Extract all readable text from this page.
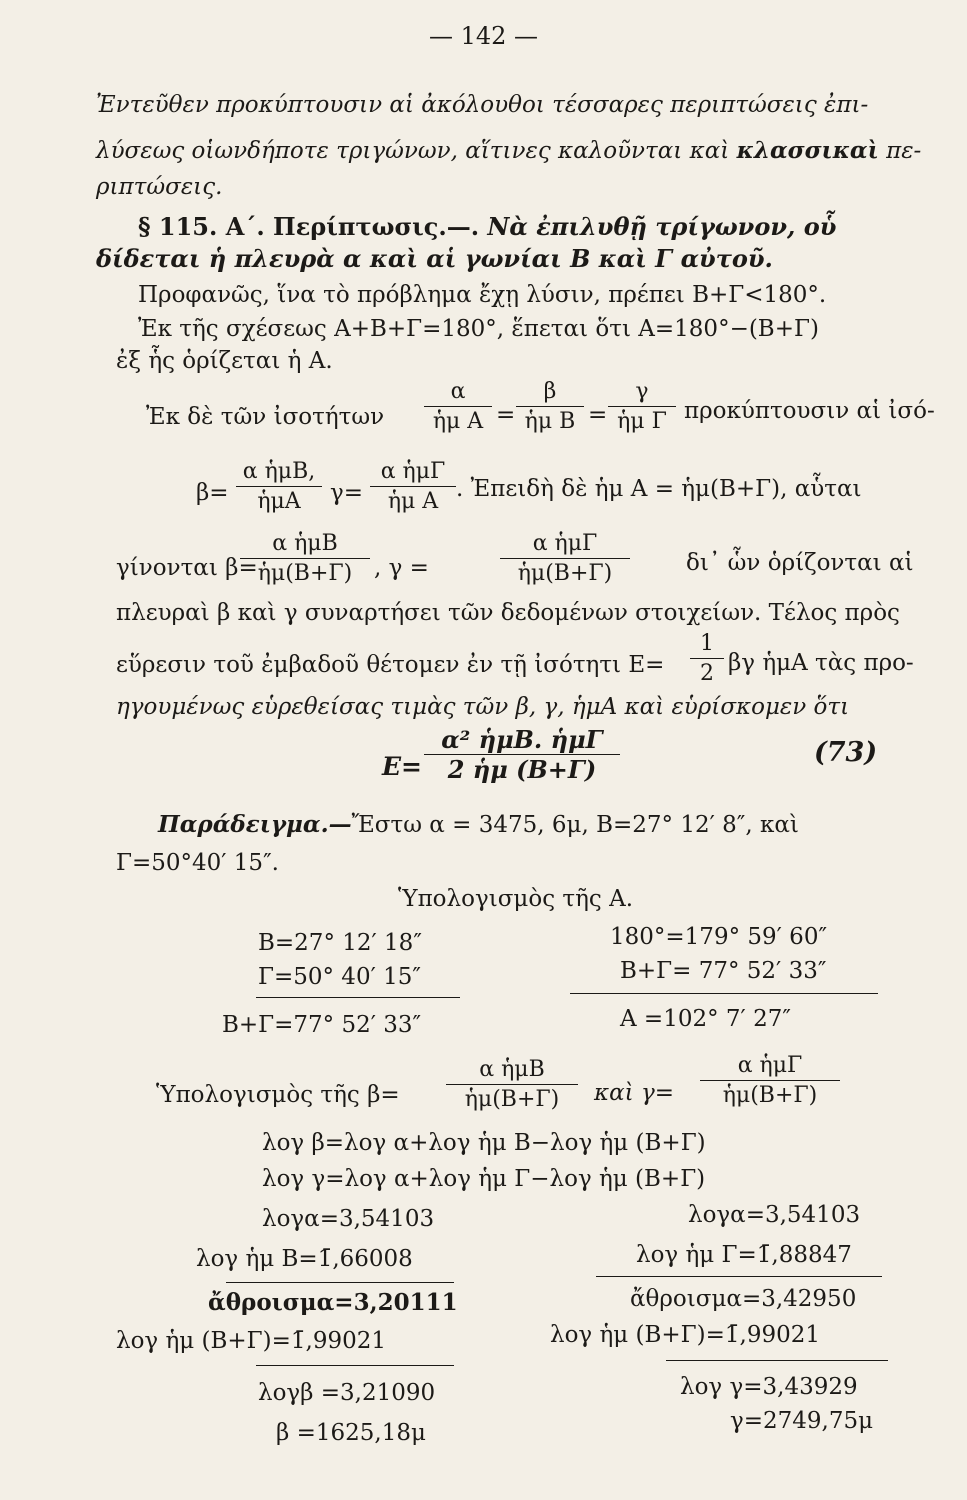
— 142 —
Ἐντεῦθεν προκύπτουσιν αἱ ἀκόλουθοι τέσσαρες περιπτώσεις ἐπι-
λύσεως οἱωνδήποτε τριγώνων, αἵτινες καλοῦνται καὶ κλασσικαὶ πε-
ριπτώσεις.
§ 115. Α΄. Περίπτωσις.—. Νὰ ἐπιλυθῇ τρίγωνον, οὗ
δίδεται ἡ πλευρὰ α καὶ αἱ γωνίαι Β καὶ Γ αὐτοῦ.
Προφανῶς, ἵνα τὸ πρόβλημα ἔχῃ λύσιν, πρέπει Β+Γ<180°.
Ἐκ τῆς σχέσεως Α+Β+Γ=180°, ἕπεται ὅτι Α=180°−(Β+Γ)
ἐξ ἧς ὁρίζεται ἡ Α.
Ἐκ δὲ τῶν ἰσοτήτων $\frac{\alpha}{\text{ἡμ Α}} = \frac{\beta}{\text{ἡμ Β}} = \frac{\gamma}{\text{ἡμ Γ}}$ προκύπτουσιν αἱ ἰσό-
β=
α ἡμΒ,
ἡμΑ	γ=
α ἡμΓ
ἡμ Α . Ἐπειδὴ δὲ ἡμ Α = ἡμ(Β+Γ), αὗται
γίνονται β=
α ἡμΒ
ἡμ(Β+Γ) , γ =
α ἡμΓ
ἡμ(Β+Γ)	δι᾽ ὧν ὁρίζονται αἱ
πλευραὶ β καὶ γ συναρτήσει τῶν δεδομένων στοιχείων. Τέλος πρὸς
εὕρεσιν τοῦ ἐμβαδοῦ θέτομεν ἐν τῇ ἰσότητι $E= \frac{1}{2}$ βγ ἡμΑ τὰς προ-
ηγουμένως εὑρεθείσας τιμὰς τῶν β, γ, ἡμΑ καὶ εὑρίσκομεν ὅτι
Ε=
α² ἡμΒ. ἡμΓ
2 ἡμ (Β+Γ)
(73)
Παράδειγμα.—Ἔστω α = 3475, 6μ, Β=27° 12′ 8″, καὶ
Γ=50°40′ 15″.
Ὑπολογισμὸς τῆς Α.
Β=27° 12′ 18″
Γ=50° 40′ 15″
Β+Γ=77° 52′ 33″
180°=179° 59′ 60″
Β+Γ= 77° 52′ 33″
Α =102° 7′ 27″
Ὑπολογισμὸς τῆς β=
α ἡμΒ
ἡμ(Β+Γ)	καὶ γ=
α ἡμΓ
ἡμ(Β+Γ)
λογ β=λογ α+λογ ἡμ Β−λογ ἡμ (Β+Γ)
λογ γ=λογ α+λογ ἡμ Γ−λογ ἡμ (Β+Γ)
λογα=3,54103
λογ ἡμ Β=1̄,66008
ἄθροισμα=3,20111
λογ ἡμ (Β+Γ)=1̄,99021
λογβ =3,21090
β =1625,18μ
λογα=3,54103
λογ ἡμ Γ=1̄,88847
ἄθροισμα=3,42950
λογ ἡμ (Β+Γ)=1̄,99021
λογ γ=3,43929
γ=2749,75μ
